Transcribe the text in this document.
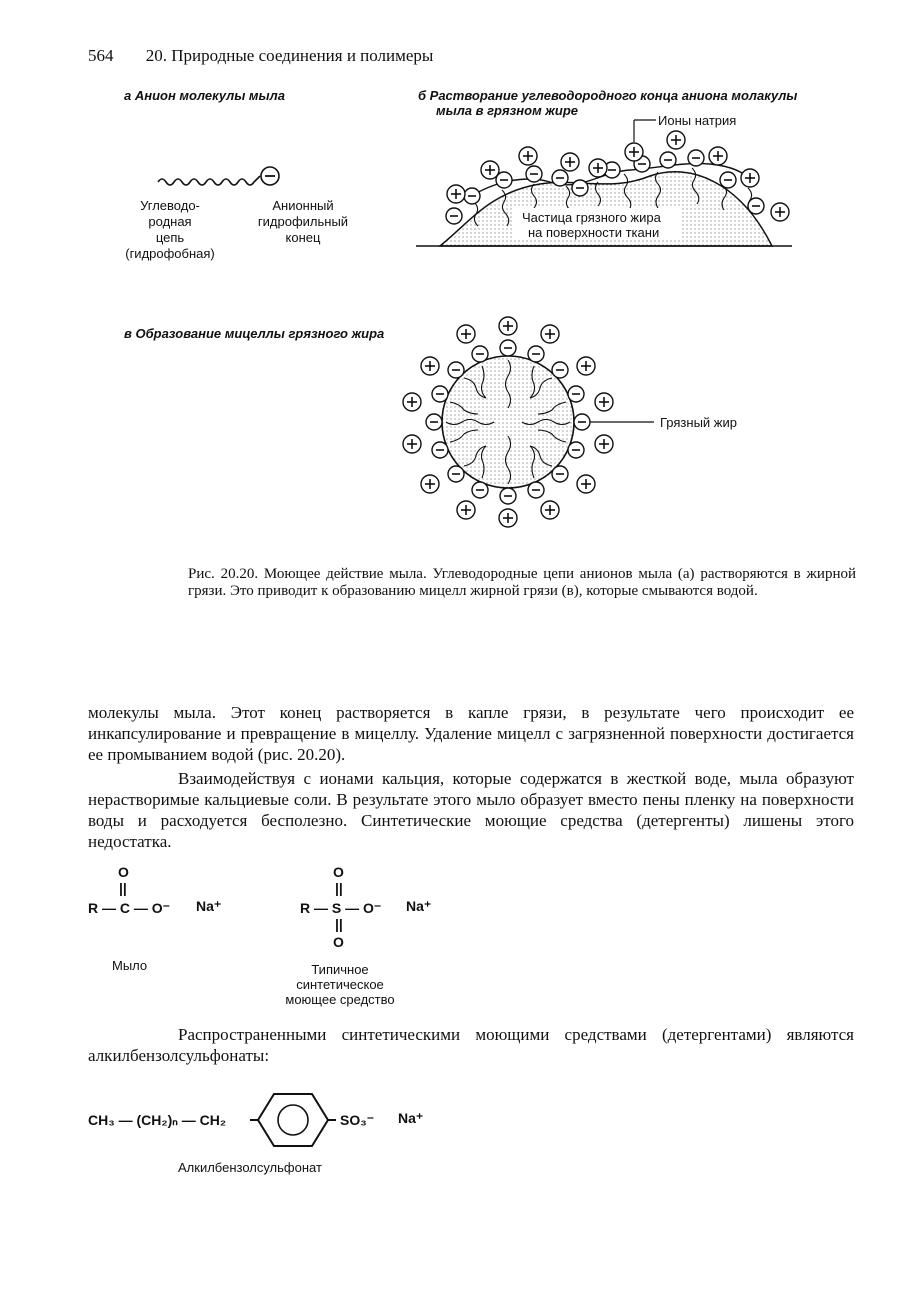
564 20. Природные соединения и полимеры
а Анион молекулы мыла
Углеводо-
родная
цепь
(гидрофобная)
Анионный
гидрофильный
конец
б Растворание углеводородного конца аниона молакулы
мыла в грязном жире
Ионы натрия
Частица грязного жира
на поверхности ткани
в Образование мицеллы грязного жира
Грязный жир
Рис. 20.20. Моющее действие мыла. Углеводородные цепи анионов мыла (а) растворяются в жирной грязи. Это приводит к образованию мицелл жирной грязи (в), которые смываются водой.

молекулы мыла. Этот конец растворяется в капле грязи, в результате чего происходит ее инкапсулирование и превращение в мицеллу. Удаление мицелл с загрязненной поверхности достигается ее промыванием водой (рис. 20.20).

Взаимодействуя с ионами кальция, которые содержатся в жесткой воде, мыла образуют нерастворимые кальциевые соли. В результате этого мыло образует вместо пены пленку на поверхности воды и расходуется бесполезно. Синтетические моющие средства (детергенты) лишены этого недостатка.

O
||
R — C — O⁻ Na⁺
Мыло
O
||
R — S — O⁻ Na⁺
||
O
Типичное
синтетическое
моющее средство

Распространенными синтетическими моющими средствами (детергентами) являются алкилбензолсульфонаты:

CH₃ — (CH₂)ₙ — CH₂	SO₃⁻ Na⁺
Алкилбензолсульфонат
